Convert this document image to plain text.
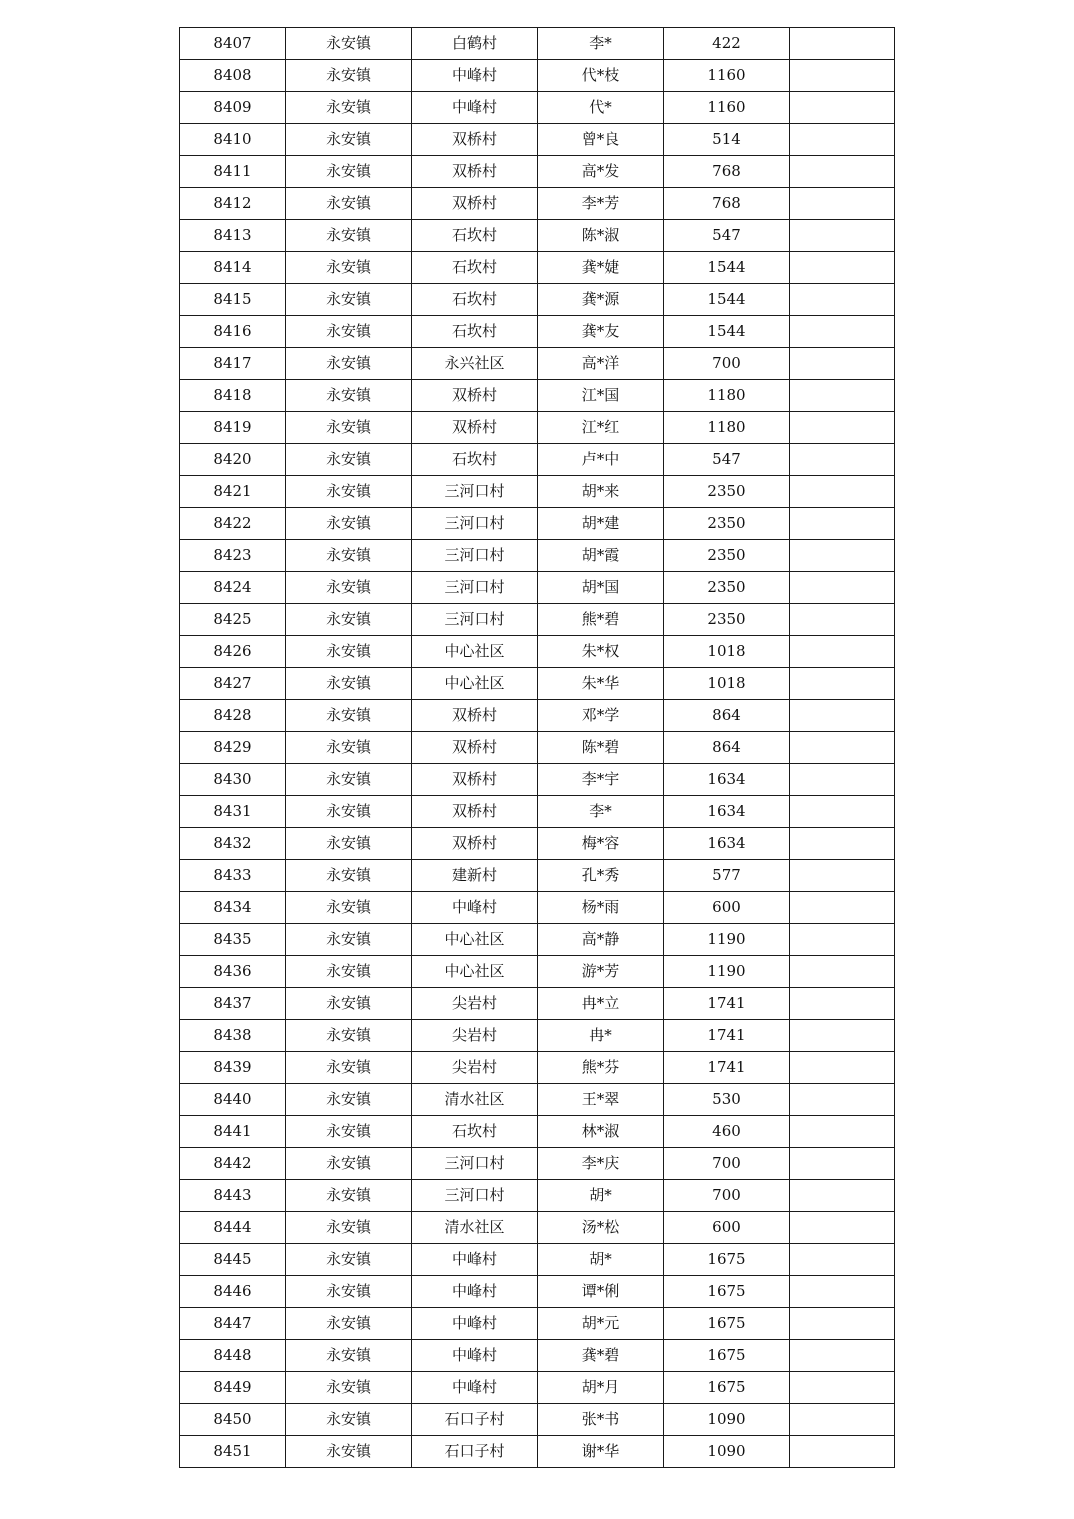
8407	永安镇	白鹤村	李*	422	
8408	永安镇	中峰村	代*枝	1160	
8409	永安镇	中峰村	代*	1160	
8410	永安镇	双桥村	曾*良	514	
8411	永安镇	双桥村	高*发	768	
8412	永安镇	双桥村	李*芳	768	
8413	永安镇	石坎村	陈*淑	547	
8414	永安镇	石坎村	龚*婕	1544	
8415	永安镇	石坎村	龚*源	1544	
8416	永安镇	石坎村	龚*友	1544	
8417	永安镇	永兴社区	高*洋	700	
8418	永安镇	双桥村	江*国	1180	
8419	永安镇	双桥村	江*红	1180	
8420	永安镇	石坎村	卢*中	547	
8421	永安镇	三河口村	胡*来	2350	
8422	永安镇	三河口村	胡*建	2350	
8423	永安镇	三河口村	胡*霞	2350	
8424	永安镇	三河口村	胡*国	2350	
8425	永安镇	三河口村	熊*碧	2350	
8426	永安镇	中心社区	朱*权	1018	
8427	永安镇	中心社区	朱*华	1018	
8428	永安镇	双桥村	邓*学	864	
8429	永安镇	双桥村	陈*碧	864	
8430	永安镇	双桥村	李*宇	1634	
8431	永安镇	双桥村	李*	1634	
8432	永安镇	双桥村	梅*容	1634	
8433	永安镇	建新村	孔*秀	577	
8434	永安镇	中峰村	杨*雨	600	
8435	永安镇	中心社区	高*静	1190	
8436	永安镇	中心社区	游*芳	1190	
8437	永安镇	尖岩村	冉*立	1741	
8438	永安镇	尖岩村	冉*	1741	
8439	永安镇	尖岩村	熊*芬	1741	
8440	永安镇	清水社区	王*翠	530	
8441	永安镇	石坎村	林*淑	460	
8442	永安镇	三河口村	李*庆	700	
8443	永安镇	三河口村	胡*	700	
8444	永安镇	清水社区	汤*松	600	
8445	永安镇	中峰村	胡*	1675	
8446	永安镇	中峰村	谭*俐	1675	
8447	永安镇	中峰村	胡*元	1675	
8448	永安镇	中峰村	龚*碧	1675	
8449	永安镇	中峰村	胡*月	1675	
8450	永安镇	石口子村	张*书	1090	
8451	永安镇	石口子村	谢*华	1090	
